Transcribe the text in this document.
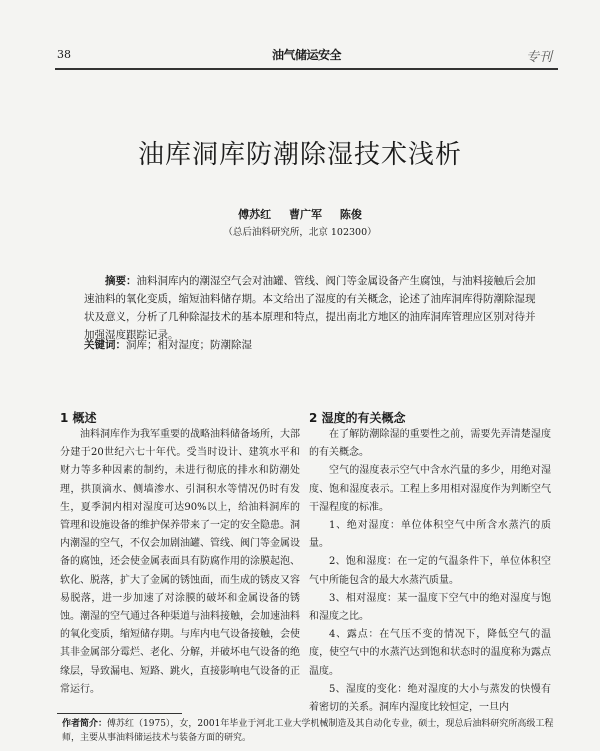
38	油气储运安全	专刊
油库洞库防潮除湿技术浅析
傅苏红 曹广军 陈俊
（总后油料研究所，北京 102300）

摘要：油料洞库内的潮湿空气会对油罐、管线、阀门等金属设备产生腐蚀，与油料接触后会加速油料的氧化变质，缩短油料储存期。本文给出了湿度的有关概念，论述了油库洞库得防潮除湿现状及意义，分析了几种除湿技术的基本原理和特点，提出南北方地区的油库洞库管理应区别对待并加强湿度跟踪记录。

关键词：洞库；相对湿度；防潮除湿
1 概述

油料洞库作为我军重要的战略油料储备场所，大部分建于20世纪六七十年代。受当时设计、建筑水平和财力等多种因素的制约，未进行彻底的排水和防潮处理，拱顶滴水、侧墙渗水、引洞积水等情况仍时有发生，夏季洞内相对湿度可达90%以上，给油料洞库的管理和设施设备的维护保养带来了一定的安全隐患。洞内潮湿的空气，不仅会加剧油罐、管线、阀门等金属设备的腐蚀，还会使金属表面具有防腐作用的涂膜起泡、软化、脱落，扩大了金属的锈蚀面，而生成的锈皮又容易脱落，进一步加速了对涂膜的破坏和金属设备的锈蚀。潮湿的空气通过各种渠道与油料接触，会加速油料的氧化变质，缩短储存期。与库内电气设备接触，会使其非金属部分霉烂、老化、分解，并破坏电气设备的绝缘层，导致漏电、短路、跳火，直接影响电气设备的正常运行。

2 湿度的有关概念

在了解防潮除湿的重要性之前，需要先弄清楚湿度的有关概念。

空气的湿度表示空气中含水汽量的多少，用绝对湿度、饱和湿度表示。工程上多用相对湿度作为判断空气干湿程度的标准。

1、绝对湿度：单位体积空气中所含水蒸汽的质量。

2、饱和湿度：在一定的气温条件下，单位体积空气中所能包含的最大水蒸汽质量。

3、相对湿度：某一温度下空气中的绝对湿度与饱和湿度之比。

4、露点：在气压不变的情况下，降低空气的温度，使空气中的水蒸汽达到饱和状态时的温度称为露点温度。

5、湿度的变化：绝对湿度的大小与蒸发的快慢有着密切的关系。洞库内湿度比较恒定，一旦内

作者简介：傅苏红（1975），女，2001年毕业于河北工业大学机械制造及其自动化专业，硕士，现总后油料研究所高级工程师，主要从事油料储运技术与装备方面的研究。
